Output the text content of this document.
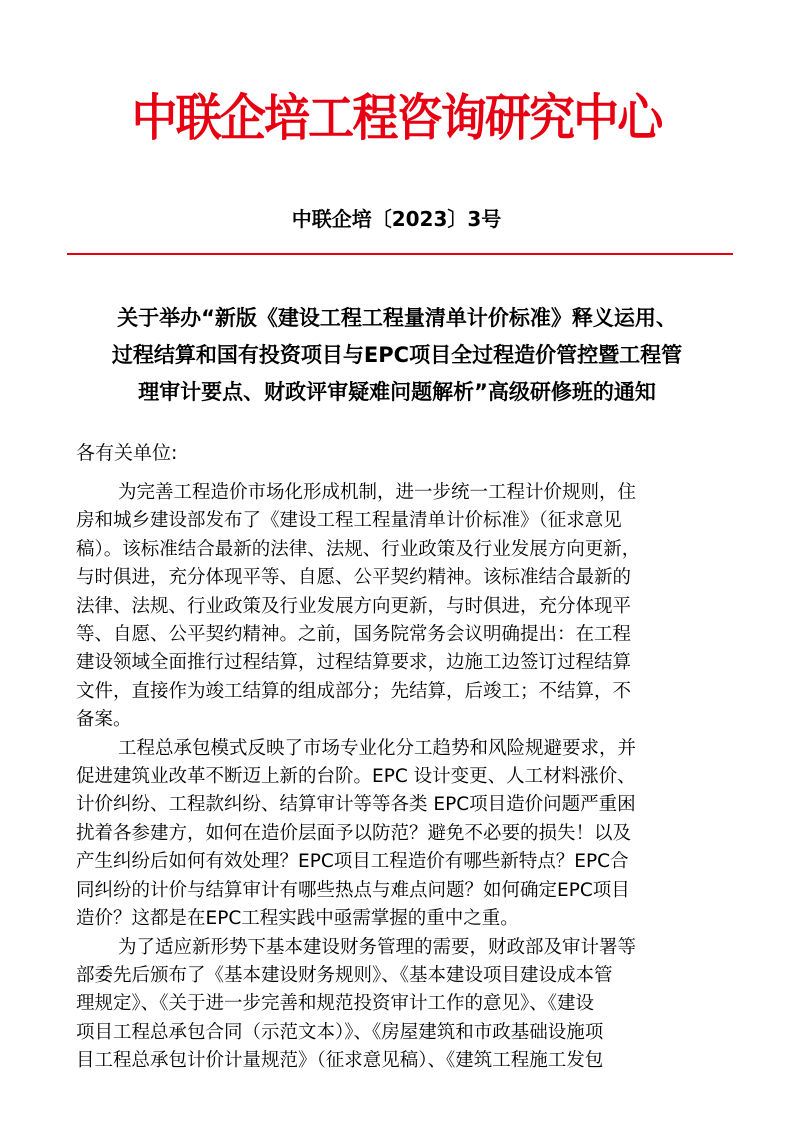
中联企培工程咨询研究中心
中联企培〔2023〕3号
关于举办“新版《建设工程工程量清单计价标准》释义运用、
过程结算和国有投资项目与EPC项目全过程造价管控暨工程管
理审计要点、财政评审疑难问题解析”高级研修班的通知
各有关单位:
为完善工程造价市场化形成机制，进一步统一工程计价规则，住
房和城乡建设部发布了《建设工程工程量清单计价标准》（征求意见
稿）。该标准结合最新的法律、法规、行业政策及行业发展方向更新，
与时俱进，充分体现平等、自愿、公平契约精神。该标准结合最新的
法律、法规、行业政策及行业发展方向更新，与时俱进，充分体现平
等、自愿、公平契约精神。之前，国务院常务会议明确提出：在工程
建设领域全面推行过程结算，过程结算要求，边施工边签订过程结算
文件，直接作为竣工结算的组成部分；先结算，后竣工；不结算，不
备案。
工程总承包模式反映了市场专业化分工趋势和风险规避要求，并
促进建筑业改革不断迈上新的台阶。EPC 设计变更、人工材料涨价、
计价纠纷、工程款纠纷、结算审计等等各类 EPC项目造价问题严重困
扰着各参建方，如何在造价层面予以防范？避免不必要的损失！以及
产生纠纷后如何有效处理？EPC项目工程造价有哪些新特点？EPC合
同纠纷的计价与结算审计有哪些热点与难点问题？如何确定EPC项目
造价？这都是在EPC工程实践中亟需掌握的重中之重。
为了适应新形势下基本建设财务管理的需要，财政部及审计署等
部委先后颁布了《基本建设财务规则》、《基本建设项目建设成本管
理规定》、《关于进一步完善和规范投资审计工作的意见》、《建设
项目工程总承包合同（示范文本）》、《房屋建筑和市政基础设施项
目工程总承包计价计量规范》（征求意见稿）、《建筑工程施工发包
